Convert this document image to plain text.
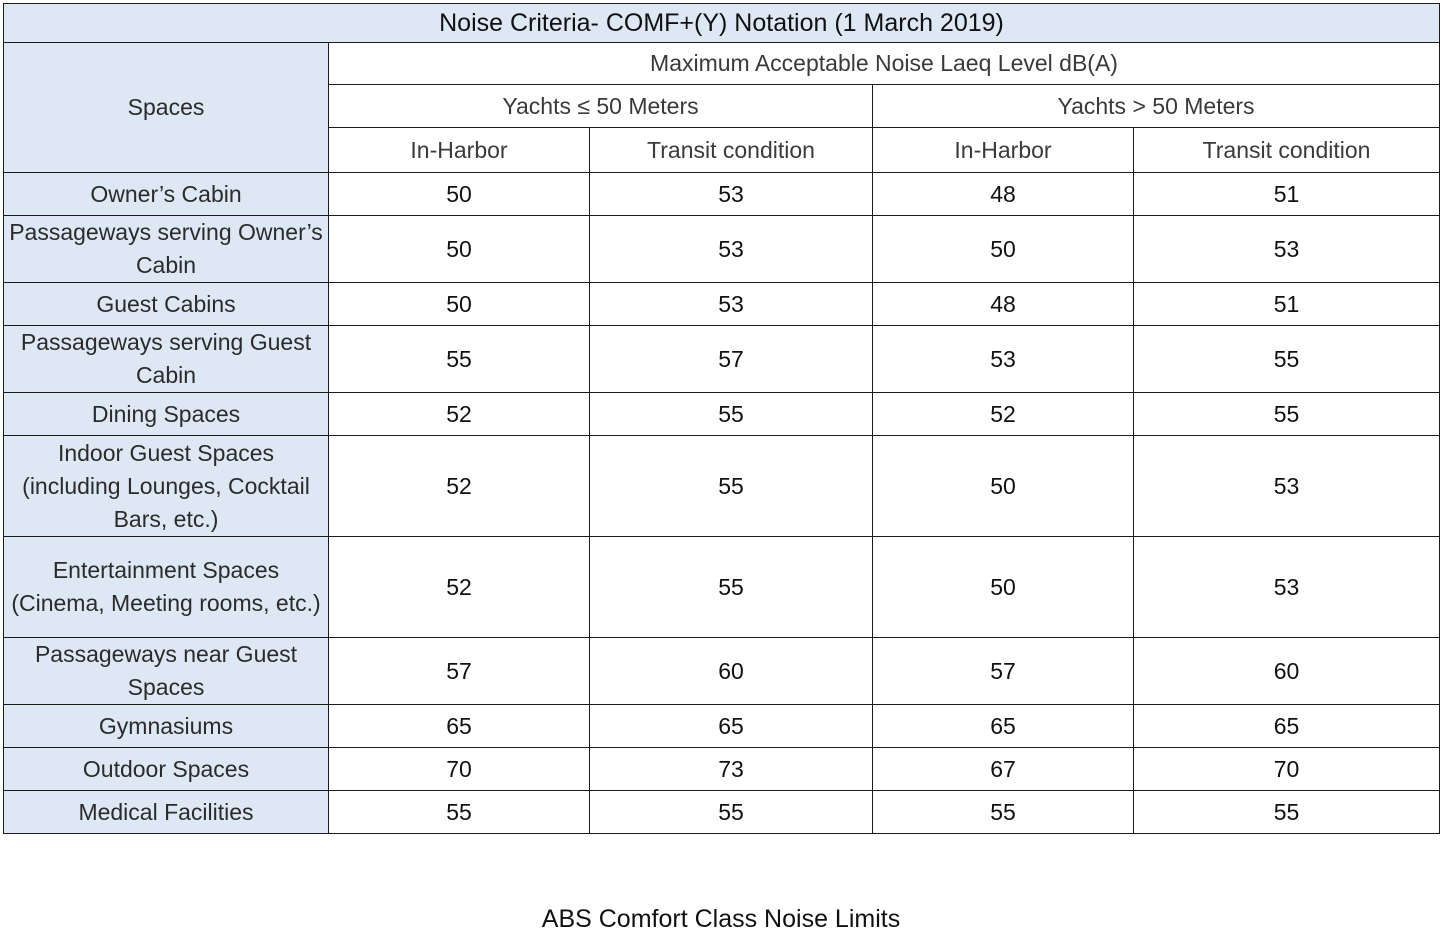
Noise Criteria- COMF+(Y) Notation (1 March 2019)				
Spaces	Maximum Acceptable Noise Laeq Level dB(A)			
	Yachts ≤ 50 Meters		Yachts > 50 Meters	
	In-Harbor	Transit condition	In-Harbor	Transit condition
Owner’s Cabin	50	53	48	51
Passageways serving Owner’s Cabin	50	53	50	53
Guest Cabins	50	53	48	51
Passageways serving Guest Cabin	55	57	53	55
Dining Spaces	52	55	52	55
Indoor Guest Spaces (including Lounges, Cocktail Bars, etc.)	52	55	50	53
Entertainment Spaces (Cinema, Meeting rooms, etc.)	52	55	50	53
Passageways near Guest Spaces	57	60	57	60
Gymnasiums	65	65	65	65
Outdoor Spaces	70	73	67	70
Medical Facilities	55	55	55	55
ABS Comfort Class Noise Limits
